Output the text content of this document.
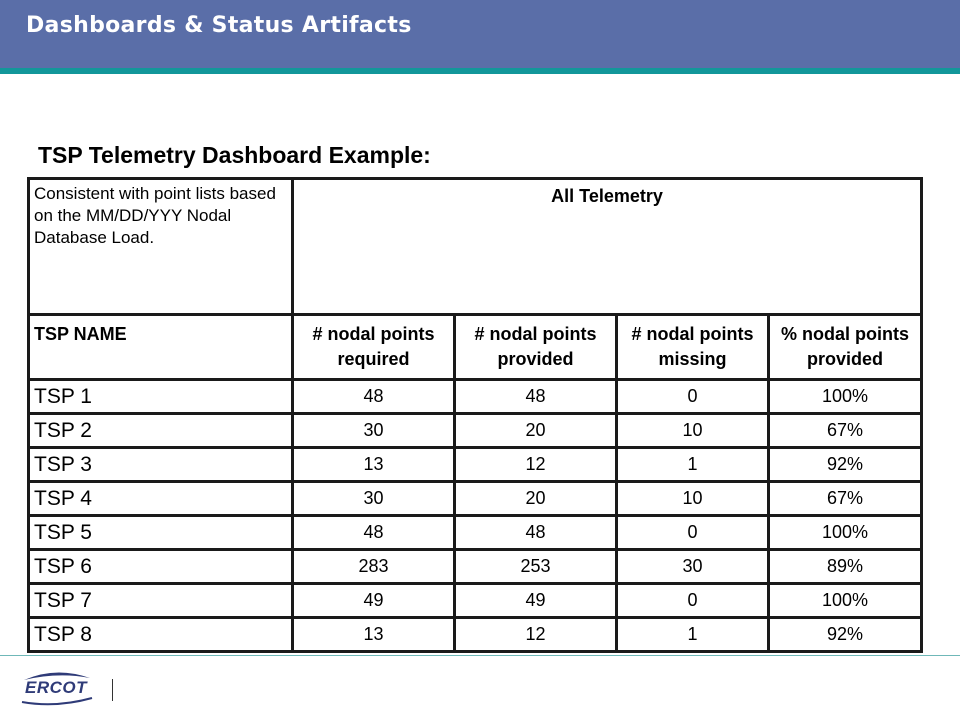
Dashboards & Status Artifacts
TSP Telemetry Dashboard Example:
Consistent with point lists based on the MM/DD/YYY Nodal Database Load.	All Telemetry			
TSP NAME	# nodal points required	# nodal points provided	# nodal points missing	% nodal points provided
TSP 1	48	48	0	100%
TSP 2	30	20	10	67%
TSP 3	13	12	1	92%
TSP 4	30	20	10	67%
TSP 5	48	48	0	100%
TSP 6	283	253	30	89%
TSP 7	49	49	0	100%
TSP 8	13	12	1	92%
ERCOT
